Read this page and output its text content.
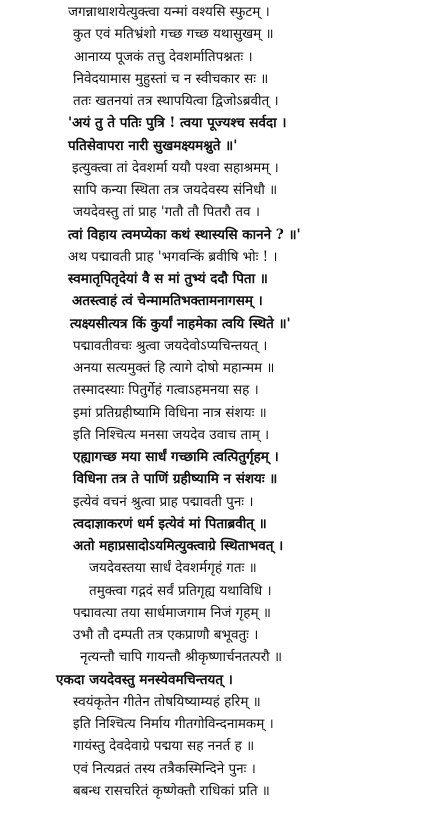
जगन्नाथाशयेत्युक्त्वा यन्मां वश्यसि स्फुटम् ।
कुत एवं मतिभ्रंशो गच्छ गच्छ यथासुखम् ॥
आनाय्य पूजकं तत्तु देवशर्मातिपश्नतः ।
निवेदयामास मुहुस्तां च न स्वीचकार सः ॥
ततः खतनयां तत्र स्थापयित्वा द्विजोऽब्रवीत् ।
'अयं तु ते पतिः पुत्रि ! त्वया पूज्यश्च सर्वदा ।
पतिसेवापरा नारी सुखमक्ष्यमश्नुते ॥'
इत्युक्त्वा तां देवशर्मा ययौ पश्वा सहाश्रमम् ।
सापि कन्या स्थिता तत्र जयदेवस्य संनिधौ ॥
जयदेवस्तु तां प्राह 'गतौ तौ पितरौ तव ।
त्वां विहाय त्वमप्येका कथं स्थास्यसि कानने ? ॥'
अथ पद्मावती प्राह 'भगवन्किं ब्रवीषि भोः ! ।
स्वमातृपितृदेयां वै स मां तुभ्यं ददौ पिता ॥
अतस्त्वाहं त्वं चेन्मामतिभक्तामनागसम् ।
त्यक्ष्यसीत्यत्र किं कुर्यां नाहमेका त्वयि स्थिते ॥'
पद्मावतीवचः श्रुत्वा जयदेवोऽप्यचिन्तयत् ।
अनया सत्यमुक्तं हि त्यागे दोषो महान्मम ॥
तस्मादस्याः पितुर्गेहं गत्वाऽहमनया सह ।
इमां प्रतिग्रहीष्यामि विधिना नात्र संशयः ॥
इति निश्चित्य मनसा जयदेव उवाच ताम् ।
एह्यागच्छ मया सार्धं गच्छामि त्वत्पितुर्गृहम् ।
विधिना तत्र ते पाणिं ग्रहीष्यामि न संशयः ॥
इत्येवं वचनं श्रुत्वा प्राह पद्मावती पुनः ।
त्वदाज्ञाकरणं धर्म इत्येवं मां पिताब्रवीत् ॥
अतो महाप्रसादोऽयमित्युक्त्वाग्रे स्थिताभवत् ।
जयदेवस्तया सार्धं देवशर्मगृहं गतः ॥
तमुक्त्वा गद्गदं सर्वं प्रतिगृह्य यथाविधि ।
पद्मावत्या तया सार्धमाजगाम निजं गृहम् ॥
उभौ तौ दम्पती तत्र एकप्राणौ बभूवतुः ।
नृत्यन्तौ चापि गायन्तौ श्रीकृष्णार्चनतत्परौ ॥
एकदा जयदेवस्तु मनस्येवमचिन्तयत् ।
स्वयंकृतेन गीतेन तोषयिष्याम्यहं हरिम् ॥
इति निश्चित्य निर्माय गीतगोविन्दनामकम् ।
गायंस्तु देवदेवाग्रे पद्मया सह ननर्त ह ॥
एवं नित्यव्रतं तस्य तत्रैकस्मिन्दिने पुनः ।
बबन्ध रासचरितं कृष्णेक्तौ राधिकां प्रति ॥
